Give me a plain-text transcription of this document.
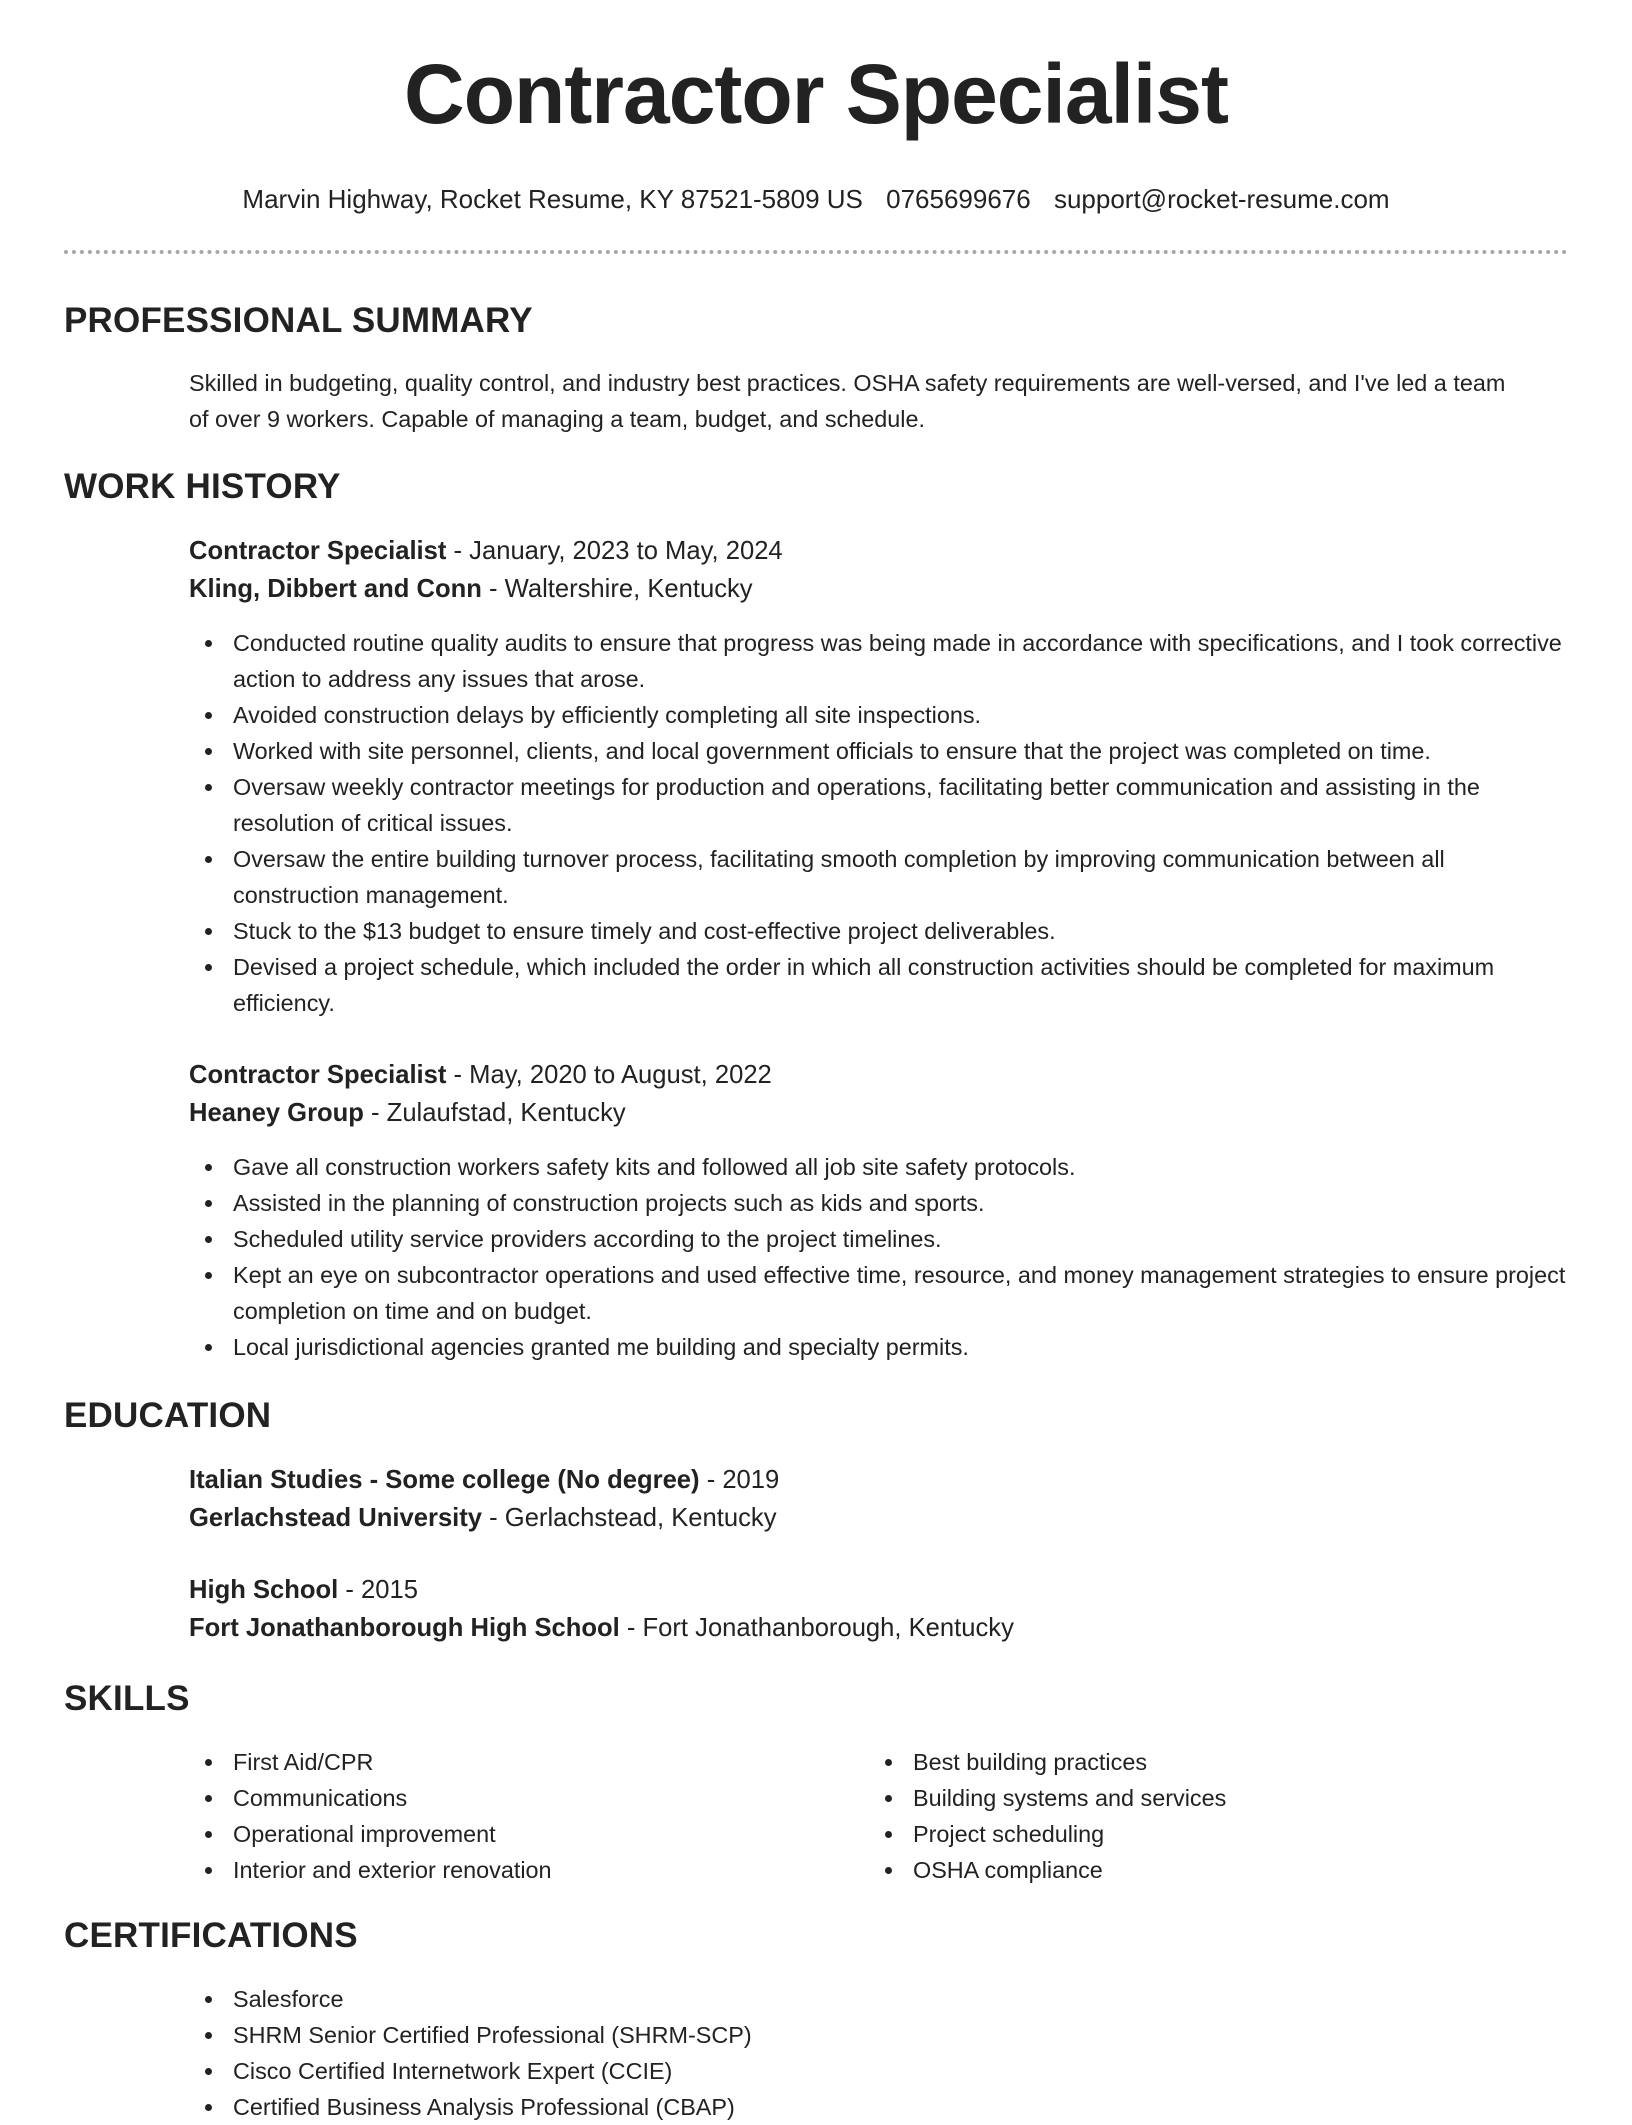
Contractor Specialist
Marvin Highway, Rocket Resume, KY 87521-5809 US 0765699676 support@rocket-resume.com
PROFESSIONAL SUMMARY

Skilled in budgeting, quality control, and industry best practices. OSHA safety requirements are well-versed, and I've led a team of over 9 workers. Capable of managing a team, budget, and schedule.

WORK HISTORY
Contractor Specialist - January, 2023 to May, 2024
Kling, Dibbert and Conn - Waltershire, Kentucky
Conducted routine quality audits to ensure that progress was being made in accordance with specifications, and I took corrective action to address any issues that arose.
Avoided construction delays by efficiently completing all site inspections.
Worked with site personnel, clients, and local government officials to ensure that the project was completed on time.
Oversaw weekly contractor meetings for production and operations, facilitating better communication and assisting in the resolution of critical issues.
Oversaw the entire building turnover process, facilitating smooth completion by improving communication between all construction management.
Stuck to the $13 budget to ensure timely and cost-effective project deliverables.
Devised a project schedule, which included the order in which all construction activities should be completed for maximum efficiency.
Contractor Specialist - May, 2020 to August, 2022
Heaney Group - Zulaufstad, Kentucky
Gave all construction workers safety kits and followed all job site safety protocols.
Assisted in the planning of construction projects such as kids and sports.
Scheduled utility service providers according to the project timelines.
Kept an eye on subcontractor operations and used effective time, resource, and money management strategies to ensure project completion on time and on budget.
Local jurisdictional agencies granted me building and specialty permits.
EDUCATION
Italian Studies - Some college (No degree) - 2019
Gerlachstead University - Gerlachstead, Kentucky
High School - 2015
Fort Jonathanborough High School - Fort Jonathanborough, Kentucky
SKILLS
First Aid/CPR
Communications
Operational improvement
Interior and exterior renovation
Best building practices
Building systems and services
Project scheduling
OSHA compliance
CERTIFICATIONS
Salesforce
SHRM Senior Certified Professional (SHRM-SCP)
Cisco Certified Internetwork Expert (CCIE)
Certified Business Analysis Professional (CBAP)
